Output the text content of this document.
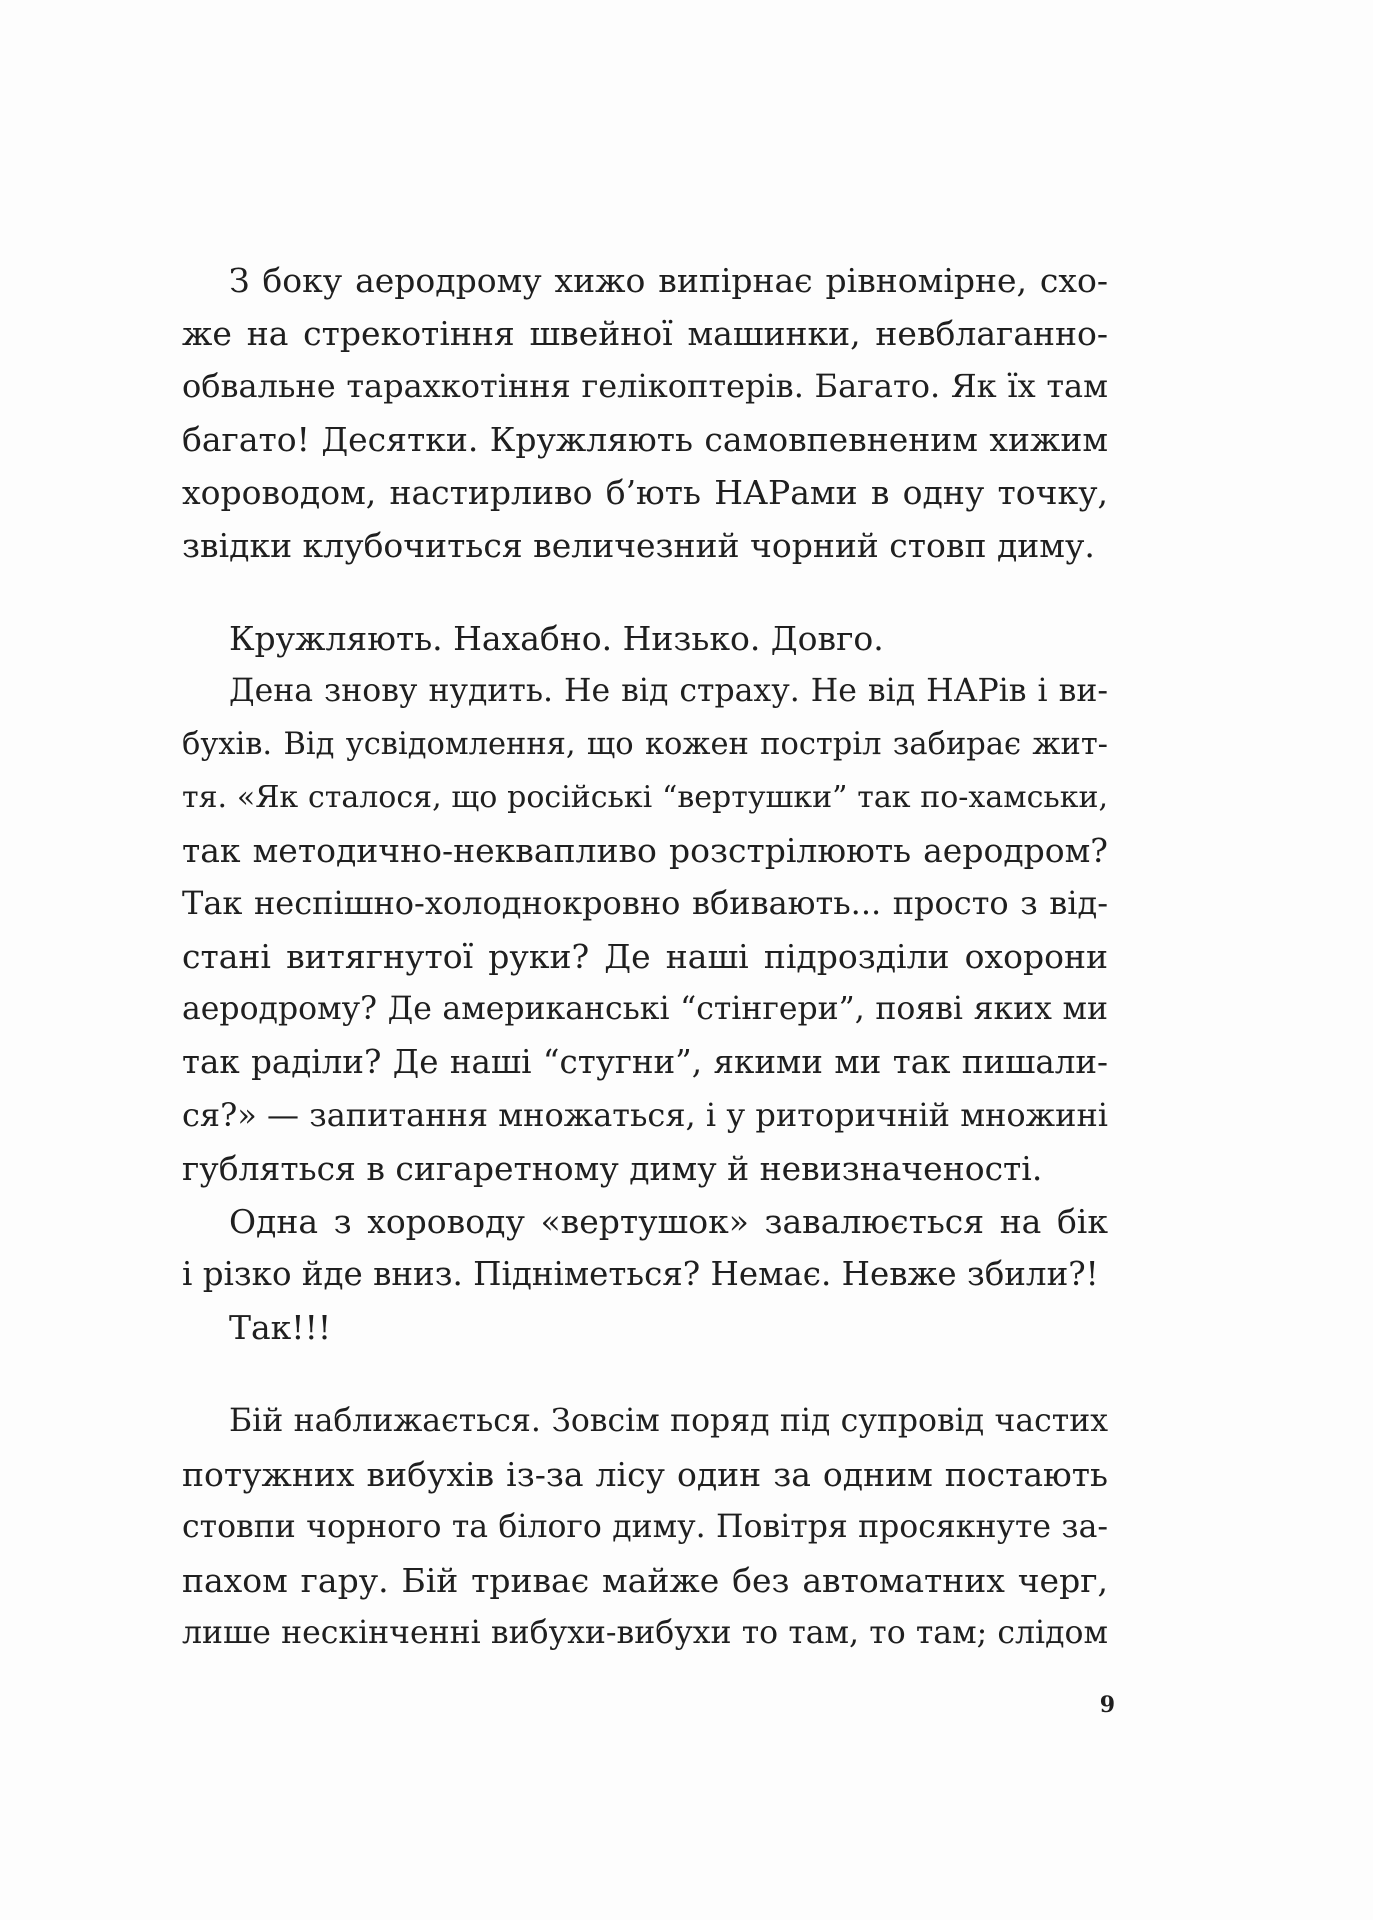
З боку аеродрому хижо випірнає рівномірне, схо-
же на стрекотіння швейної машинки, невблаганно-
обвальне тарахкотіння гелікоптерів. Багато. Як їх там
багато! Десятки. Кружляють самовпевненим хижим
хороводом, настирливо б’ють НАРами в одну точку,
звідки клубочиться величезний чорний стовп диму.
Кружляють. Нахабно. Низько. Довго.
Дена знову нудить. Не від страху. Не від НАРів і ви-
бухів. Від усвідомлення, що кожен постріл забирає жит-
тя. «Як сталося, що російські “вертушки” так по-хамськи,
так методично-неквапливо розстрілюють аеродром?
Так неспішно-холоднокровно вбивають... просто з від-
стані витягнутої руки? Де наші підрозділи охорони
аеродрому? Де американські “стінгери”, появі яких ми
так раділи? Де наші “стугни”, якими ми так пишали-
ся?» — запитання множаться, і у риторичній множині
губляться в сигаретному диму й невизначеності.
Одна з хороводу «вертушок» завалюється на бік
і різко йде вниз. Підніметься? Немає. Невже збили?!
Так!!!
Бій наближається. Зовсім поряд під супровід частих
потужних вибухів із-за лісу один за одним постають
стовпи чорного та білого диму. Повітря просякнуте за-
пахом гару. Бій триває майже без автоматних черг,
лише нескінченні вибухи-вибухи то там, то там; слідом
9
